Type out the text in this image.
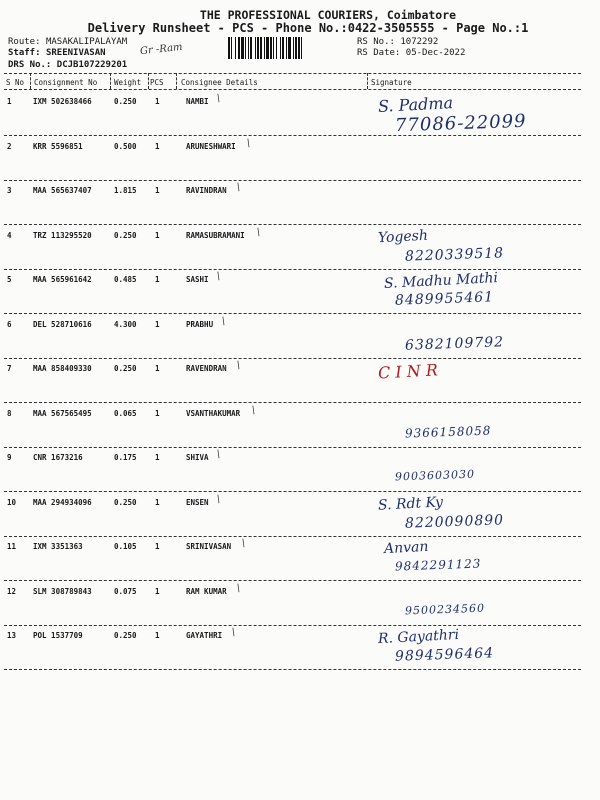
THE PROFESSIONAL COURIERS, Coimbatore
Delivery Runsheet - PCS - Phone No.:0422-3505555 - Page No.:1
Route: MASAKALIPALAYAM
Staff: SREENIVASAN
DRS No.: DCJB107229201
RS No.: 1072292
RS Date: 05-Dec-2022
Gr -Ram
S No Consignment No Weight PCS Consignee Details	Signature
1	IXM 502638466	0.250 1	NAMBI /	S. Padma
77086-22099
2	KRR 5596851	0.500 1	ARUNESHWARI /
3	MAA 565637407	1.815 1	RAVINDRAN /
4	TRZ 113295520	0.250 1	RAMASUBRAMANI /	Yogesh
8220339518
5	MAA 565961642	0.485 1	SASHI /	S. Madhu Mathi
8489955461
6	DEL 528710616	4.300 1	PRABHU /
6382109792
7	MAA 858409330	0.250 1	RAVENDRAN /	C I N R
8	MAA 567565495	0.065 1	VSANTHAKUMAR /
9366158058
9	CNR 1673216	0.175 1	SHIVA /
9003603030
10 MAA 294934096	0.250 1	ENSEN /	S. Rdt Ky
8220090890
11 IXM 3351363	0.105 1	SRINIVASAN /	Anvan
9842291123
12 SLM 308789843	0.075 1	RAM KUMAR /
9500234560
13 POL 1537709	0.250 1	GAYATHRI /	R. Gayathri
9894596464
